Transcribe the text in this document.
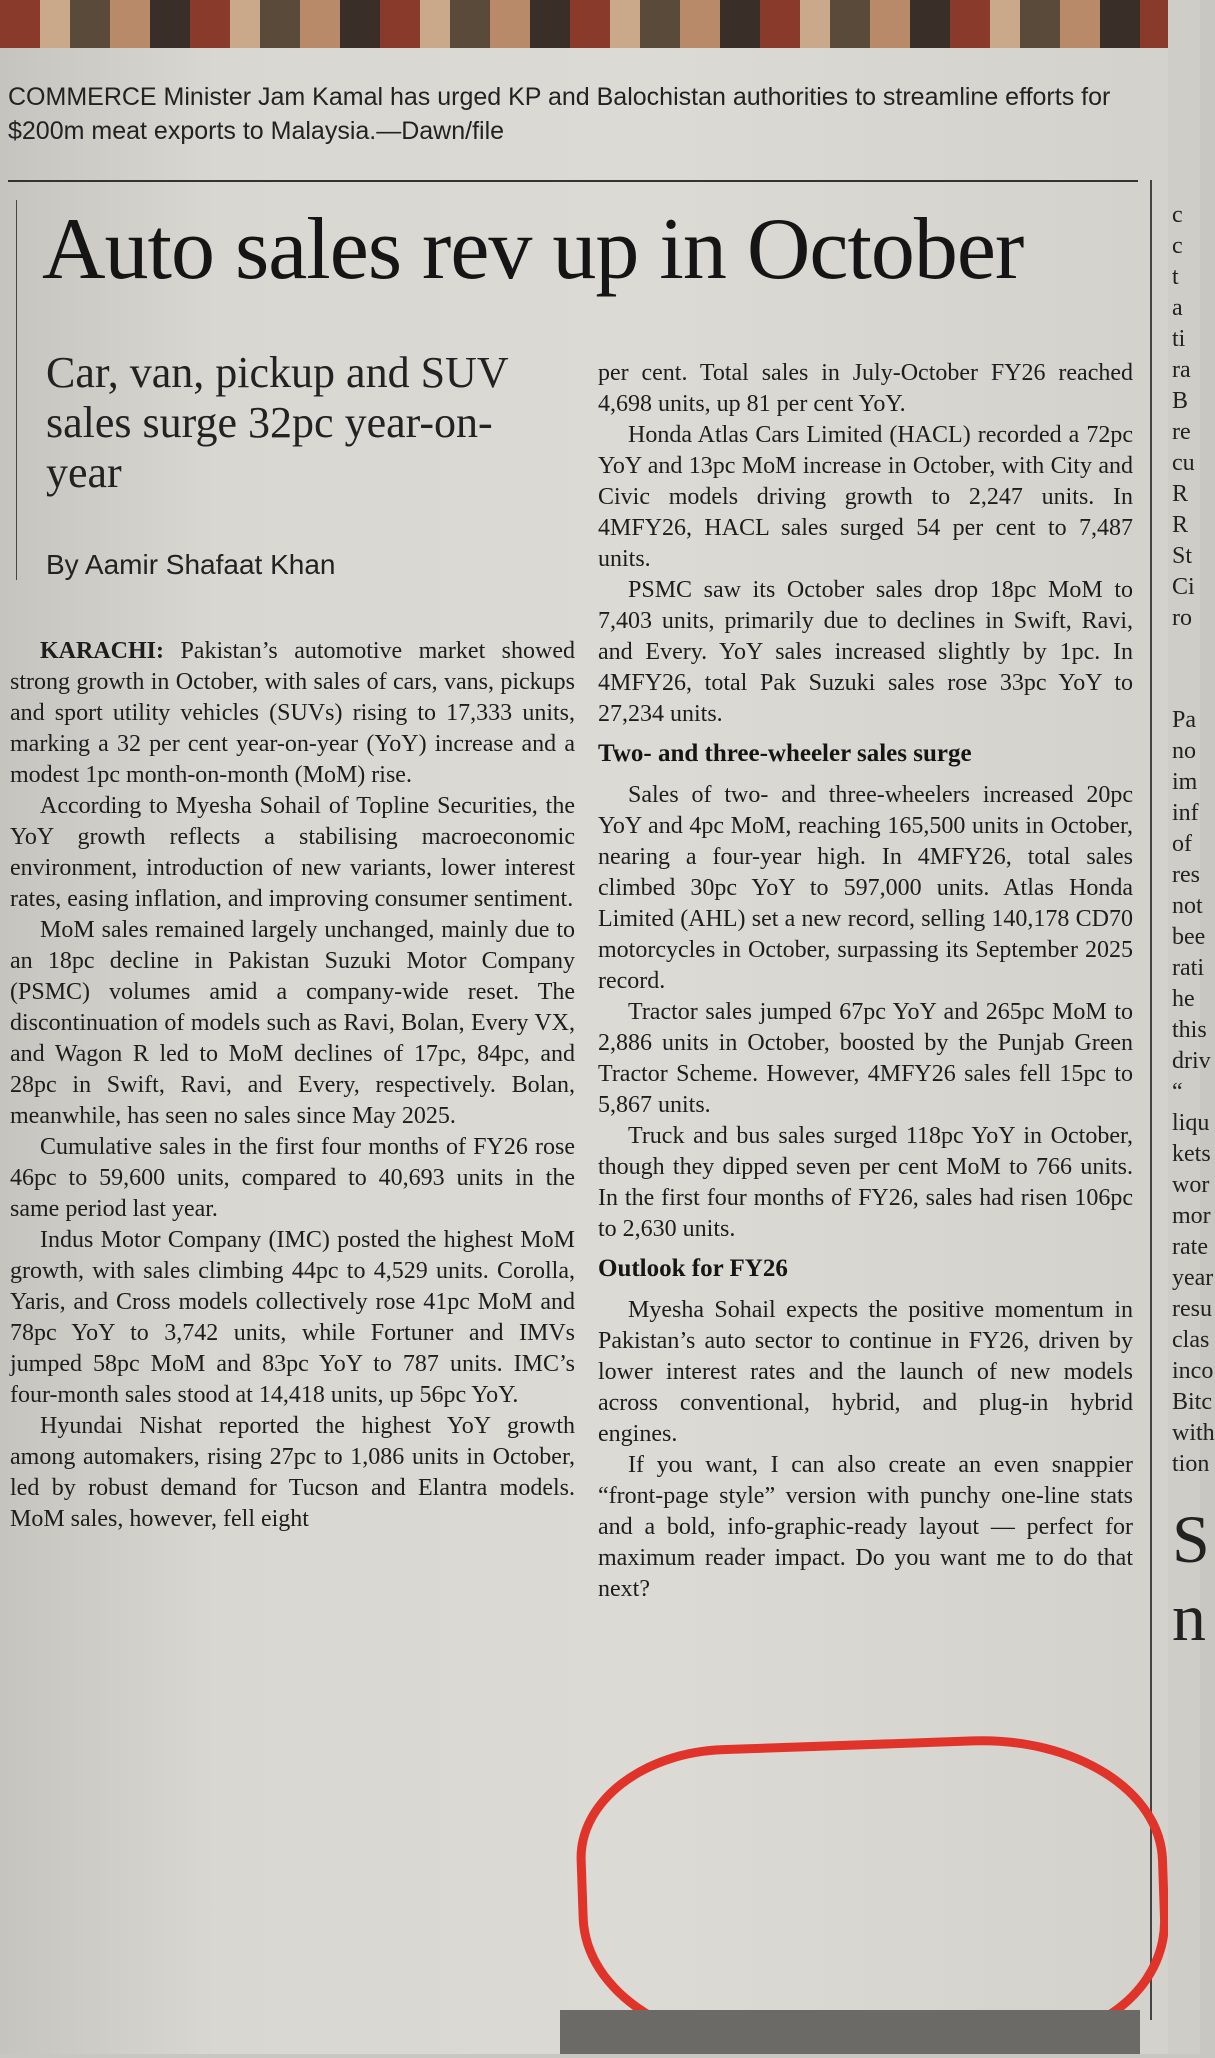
COMMERCE Minister Jam Kamal has urged KP and Balochistan authorities to streamline efforts for $200m meat exports to Malaysia.—Dawn/file
Auto sales rev up in October
Car, van, pickup and SUV sales surge 32pc year-on-year
By Aamir Shafaat Khan

KARACHI: Pakistan’s automotive market showed strong growth in October, with sales of cars, vans, pickups and sport utility vehicles (SUVs) rising to 17,333 units, marking a 32 per cent year-on-year (YoY) increase and a modest 1pc month-on-month (MoM) rise.

According to Myesha Sohail of Topline Securities, the YoY growth reflects a stabilising macroeconomic environment, introduction of new variants, lower interest rates, easing inflation, and improving consumer sentiment.

MoM sales remained largely unchanged, mainly due to an 18pc decline in Pakistan Suzuki Motor Company (PSMC) volumes amid a company-wide reset. The discontinuation of models such as Ravi, Bolan, Every VX, and Wagon R led to MoM declines of 17pc, 84pc, and 28pc in Swift, Ravi, and Every, respectively. Bolan, meanwhile, has seen no sales since May 2025.

Cumulative sales in the first four months of FY26 rose 46pc to 59,600 units, compared to 40,693 units in the same period last year.

Indus Motor Company (IMC) posted the highest MoM growth, with sales climbing 44pc to 4,529 units. Corolla, Yaris, and Cross models collectively rose 41pc MoM and 78pc YoY to 3,742 units, while Fortuner and IMVs jumped 58pc MoM and 83pc YoY to 787 units. IMC’s four-month sales stood at 14,418 units, up 56pc YoY.

Hyundai Nishat reported the highest YoY growth among automakers, rising 27pc to 1,086 units in October, led by robust demand for Tucson and Elantra models. MoM sales, however, fell eight

per cent. Total sales in July-October FY26 reached 4,698 units, up 81 per cent YoY.

Honda Atlas Cars Limited (HACL) recorded a 72pc YoY and 13pc MoM increase in October, with City and Civic models driving growth to 2,247 units. In 4MFY26, HACL sales surged 54 per cent to 7,487 units.

PSMC saw its October sales drop 18pc MoM to 7,403 units, primarily due to declines in Swift, Ravi, and Every. YoY sales increased slightly by 1pc. In 4MFY26, total Pak Suzuki sales rose 33pc YoY to 27,234 units.

Two- and three-wheeler sales surge

Sales of two- and three-wheelers increased 20pc YoY and 4pc MoM, reaching 165,500 units in October, nearing a four-year high. In 4MFY26, total sales climbed 30pc YoY to 597,000 units. Atlas Honda Limited (AHL) set a new record, selling 140,178 CD70 motorcycles in October, surpassing its September 2025 record.

Tractor sales jumped 67pc YoY and 265pc MoM to 2,886 units in October, boosted by the Punjab Green Tractor Scheme. However, 4MFY26 sales fell 15pc to 5,867 units.

Truck and bus sales surged 118pc YoY in October, though they dipped seven per cent MoM to 766 units. In the first four months of FY26, sales had risen 106pc to 2,630 units.

Outlook for FY26

Myesha Sohail expects the positive momentum in Pakistan’s auto sector to continue in FY26, driven by lower interest rates and the launch of new models across conventional, hybrid, and plug-in hybrid engines.

If you want, I can also create an even snappier “front-page style” version with punchy one-line stats and a bold, info-graphic-ready layout — perfect for maximum reader impact. Do you want me to do that next?

c
c
t
a
ti
ra
B
re
cu
R
R
St
Ci
ro
Pa
no
im
inf
of
res
not
bee
rati
he
this
driv
“
liqu
kets
wor
mor
rate
year
resu
clas
inco
Bitc
with
tion
S
n
